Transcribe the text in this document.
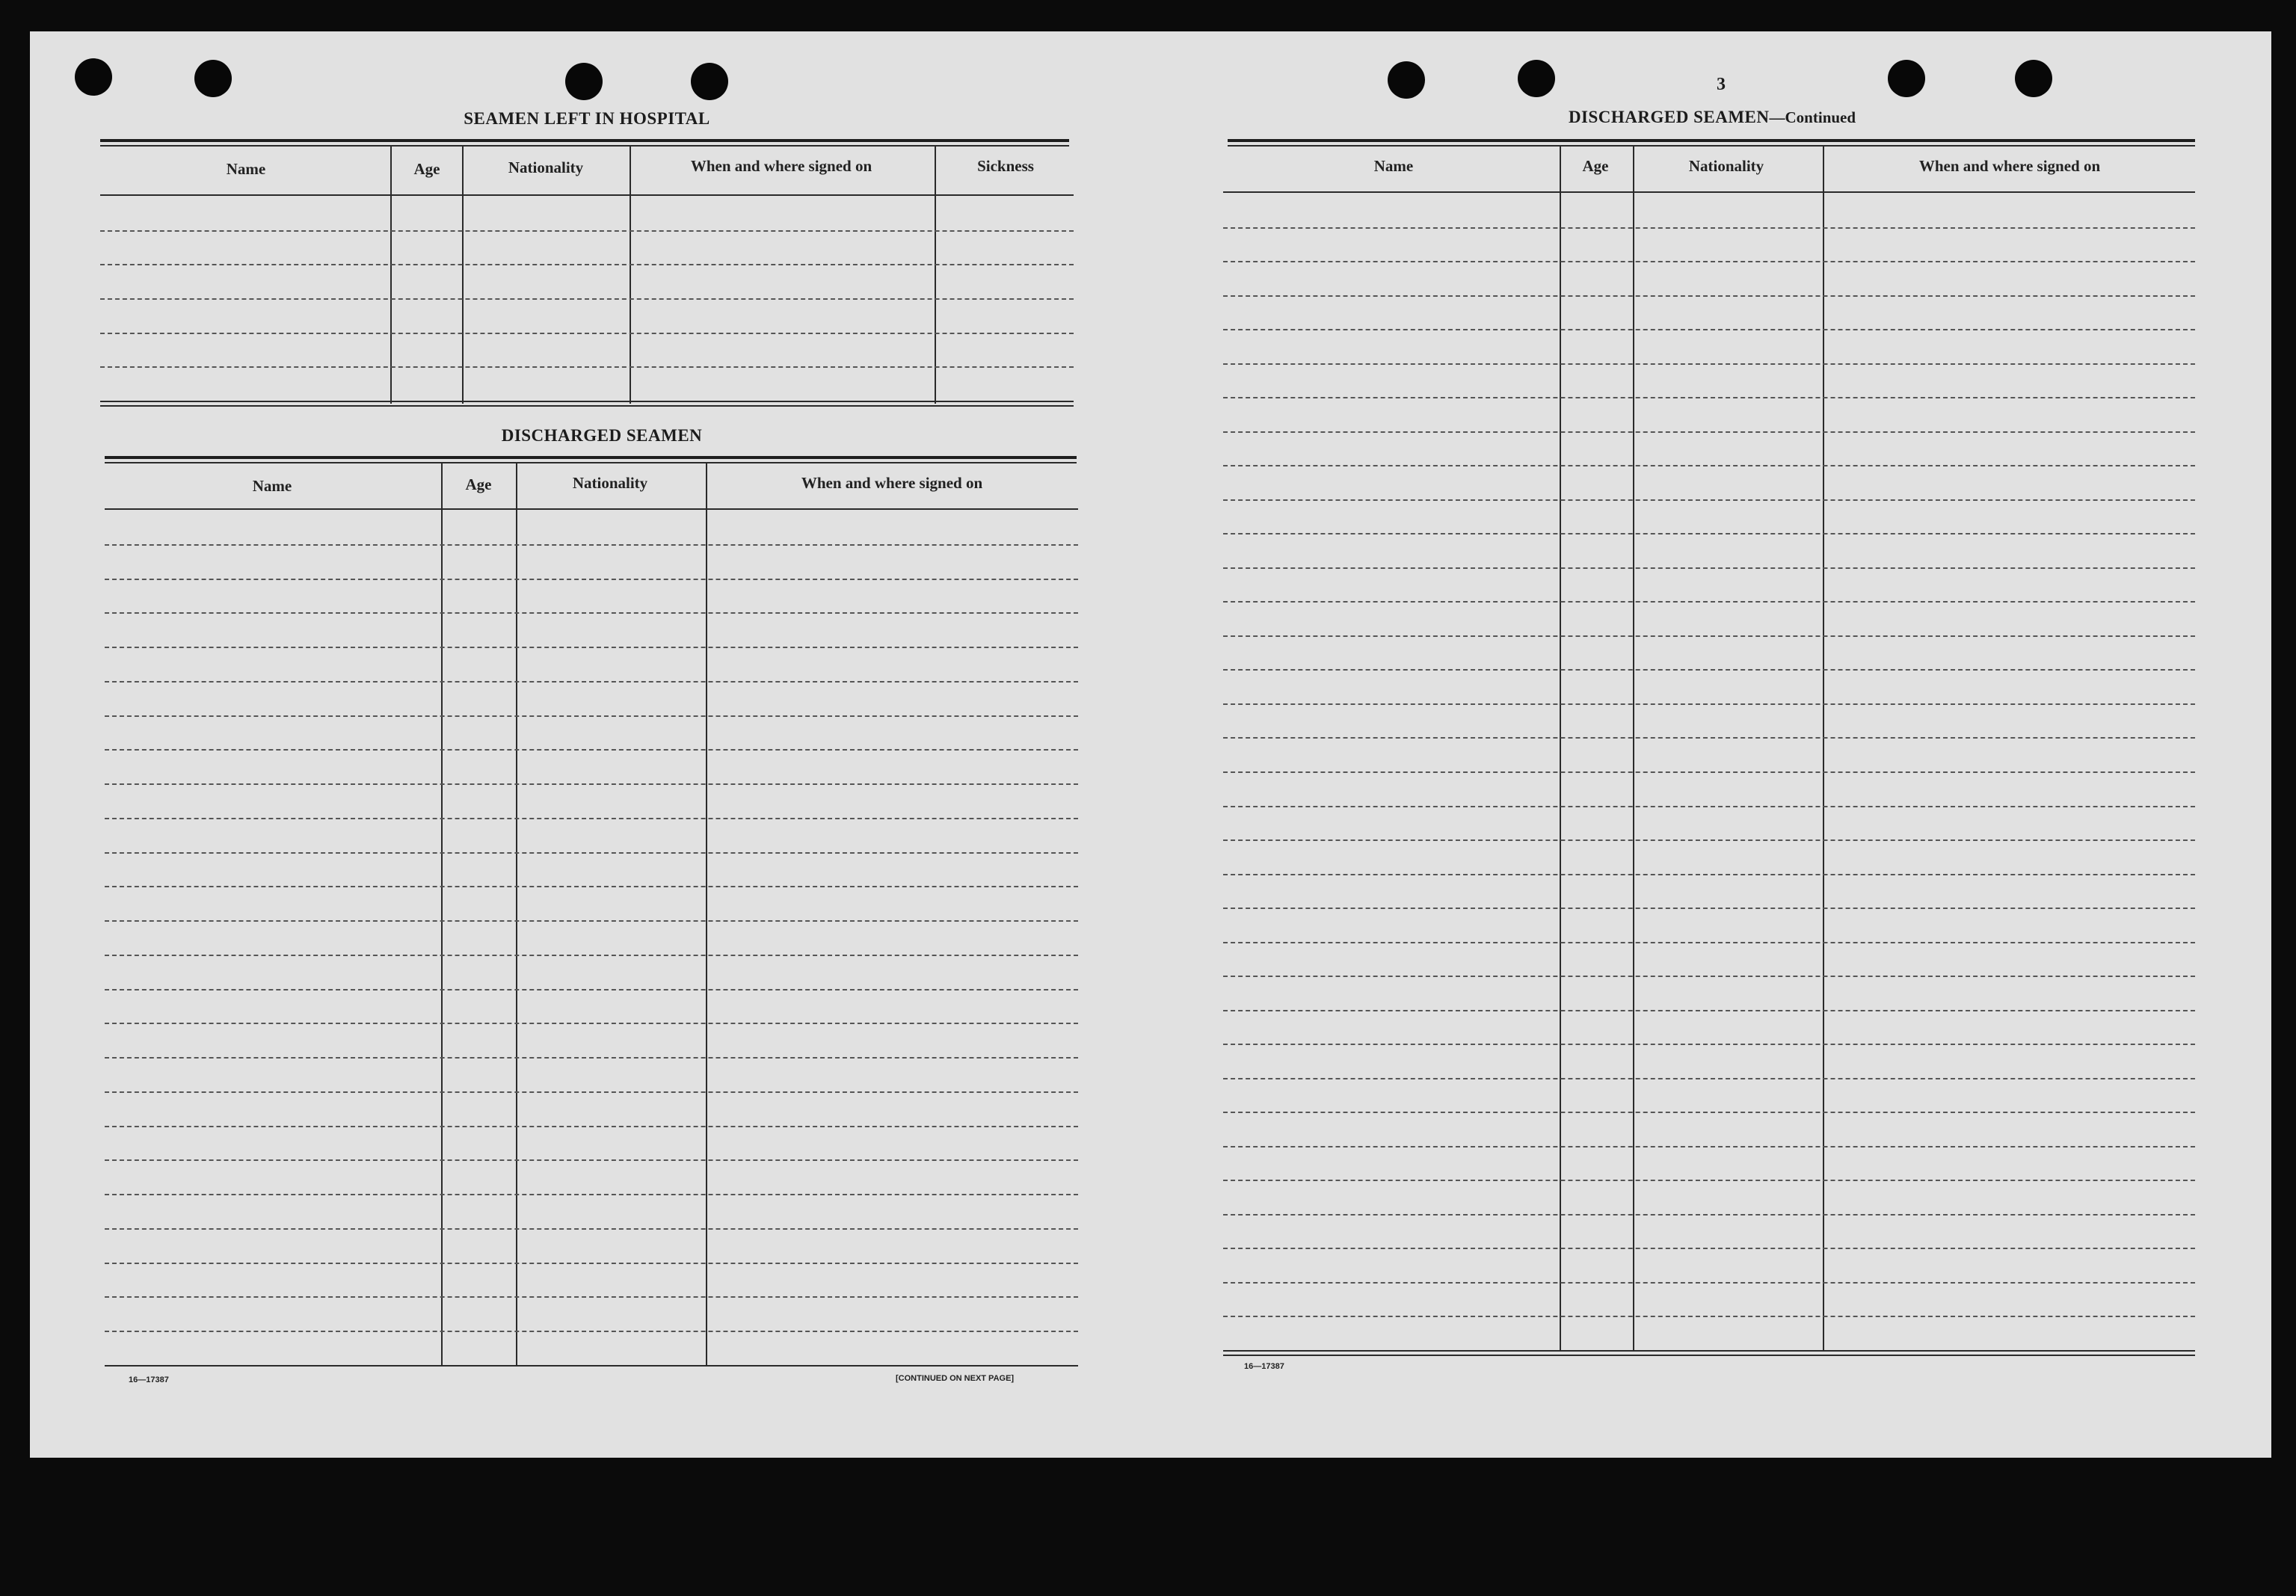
SEAMEN LEFT IN HOSPITAL
Name	Age	Nationality	When and where signed on	Sickness
DISCHARGED SEAMEN
Name	Age	Nationality	When and where signed on
16—17387	[CONTINUED ON NEXT PAGE]
3
DISCHARGED SEAMEN—Continued
Name	Age	Nationality	When and where signed on
16—17387
